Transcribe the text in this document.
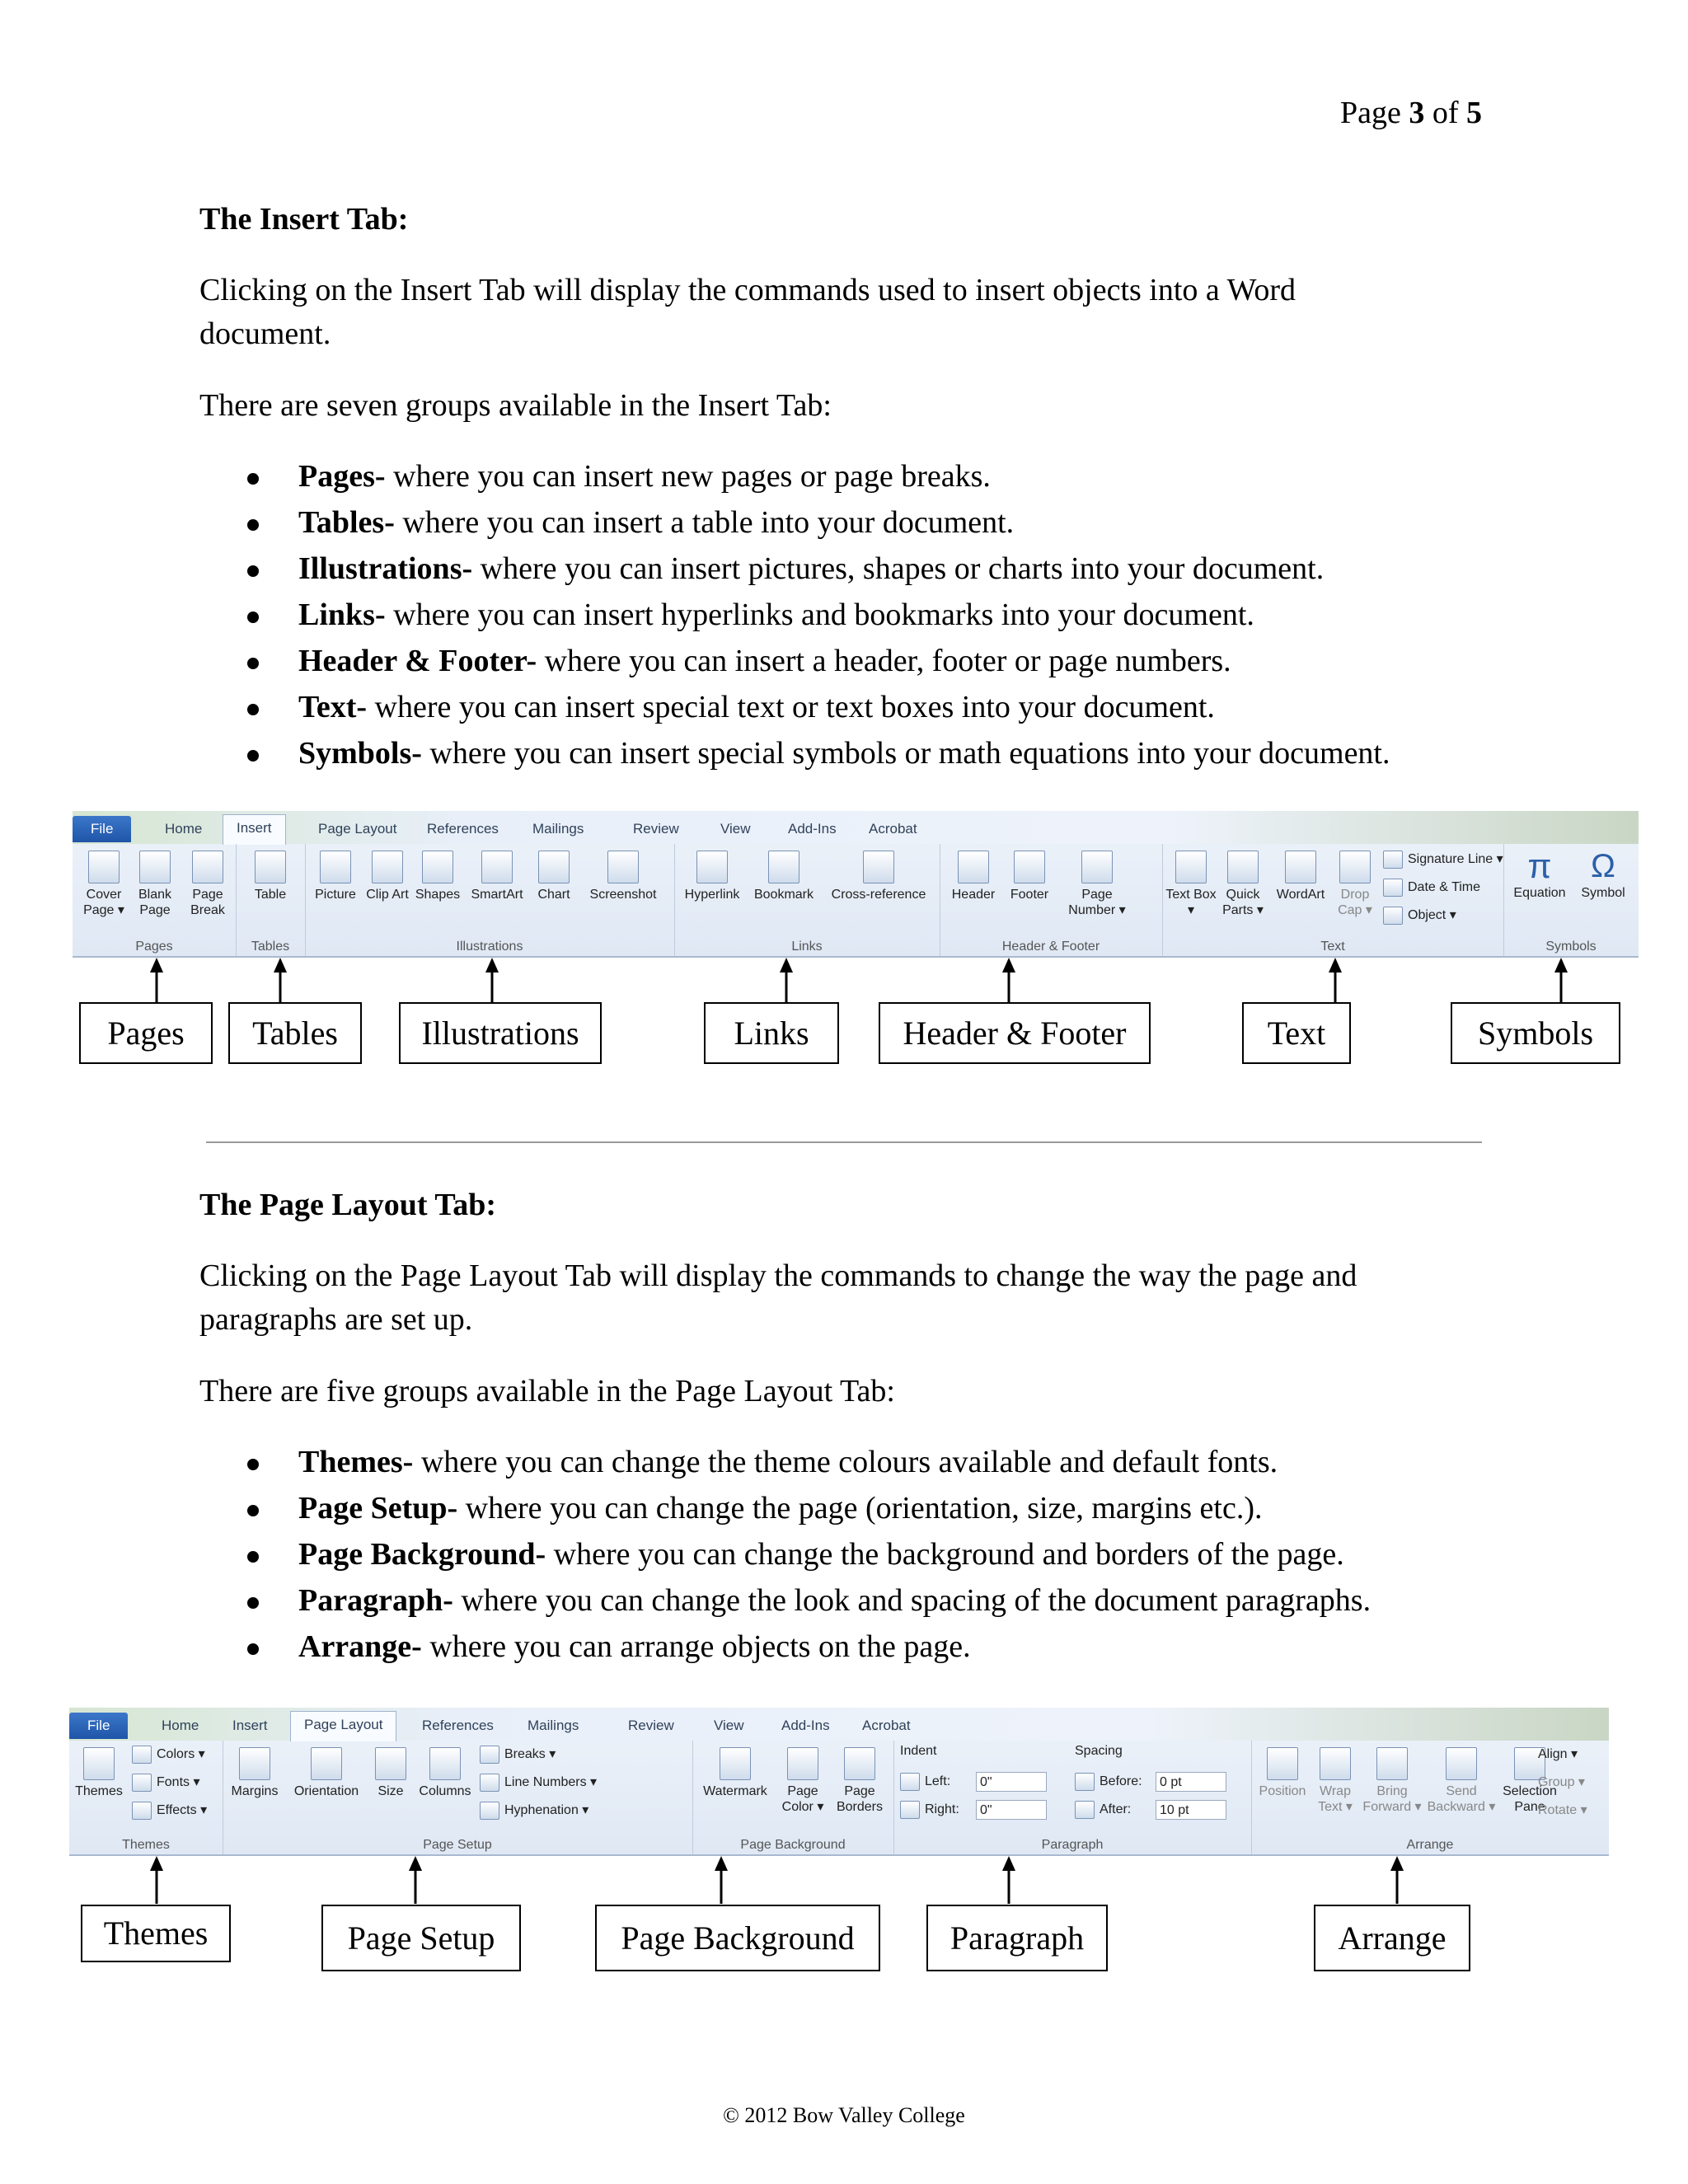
Page 3 of 5
The Insert Tab:
Clicking on the Insert Tab will display the commands used to insert objects into a Word
document.
There are seven groups available in the Insert Tab:
Pages- where you can insert new pages or page breaks.
Tables- where you can insert a table into your document.
Illustrations- where you can insert pictures, shapes or charts into your document.
Links- where you can insert hyperlinks and bookmarks into your document.
Header & Footer- where you can insert a header, footer or page numbers.
Text- where you can insert special text or text boxes into your document.
Symbols- where you can insert special symbols or math equations into your document.
File	Home	Insert	Page Layout	References	Mailings	Review	View	Add-Ins	Acrobat
Cover Page ▾
Blank Page
Page Break
Pages
Table
Tables
Picture Clip Art Shapes SmartArt	Chart	Screenshot
Illustrations
Hyperlink	Bookmark	Cross-reference
Links
Header	Footer	Page Number ▾
Header & Footer
Text Box ▾
Quick Parts ▾
WordArt	Drop Cap ▾
Signature Line ▾
Date & Time
Object ▾
Text
π
Equation
Ω
Symbol
Symbols
Pages	Tables	Illustrations	Links	Header & Footer	Text	Symbols
The Page Layout Tab:
Clicking on the Page Layout Tab will display the commands to change the way the page and
paragraphs are set up.
There are five groups available in the Page Layout Tab:
Themes- where you can change the theme colours available and default fonts.
Page Setup- where you can change the page (orientation, size, margins etc.).
Page Background- where you can change the background and borders of the page.
Paragraph- where you can change the look and spacing of the document paragraphs.
Arrange- where you can arrange objects on the page.
File	Home	Insert	Page Layout	References	Mailings	Review	View	Add-Ins	Acrobat
Themes
Colors ▾
Fonts ▾
Effects ▾
Themes
Margins	Orientation	Size	Columns
Breaks ▾
Line Numbers ▾
Hyphenation ▾
Page Setup
Watermark	Page Color ▾
Page Borders
Page Background
Indent
Left: 0"
Right: 0"
Spacing
Before: 0 pt
After: 10 pt
Paragraph
Position	Wrap Text ▾
Bring Forward ▾
Send Backward ▾
Selection Pane
Align ▾
Group ▾
Rotate ▾
Arrange
Themes	Page Setup	Page Background	Paragraph	Arrange
© 2012 Bow Valley College
